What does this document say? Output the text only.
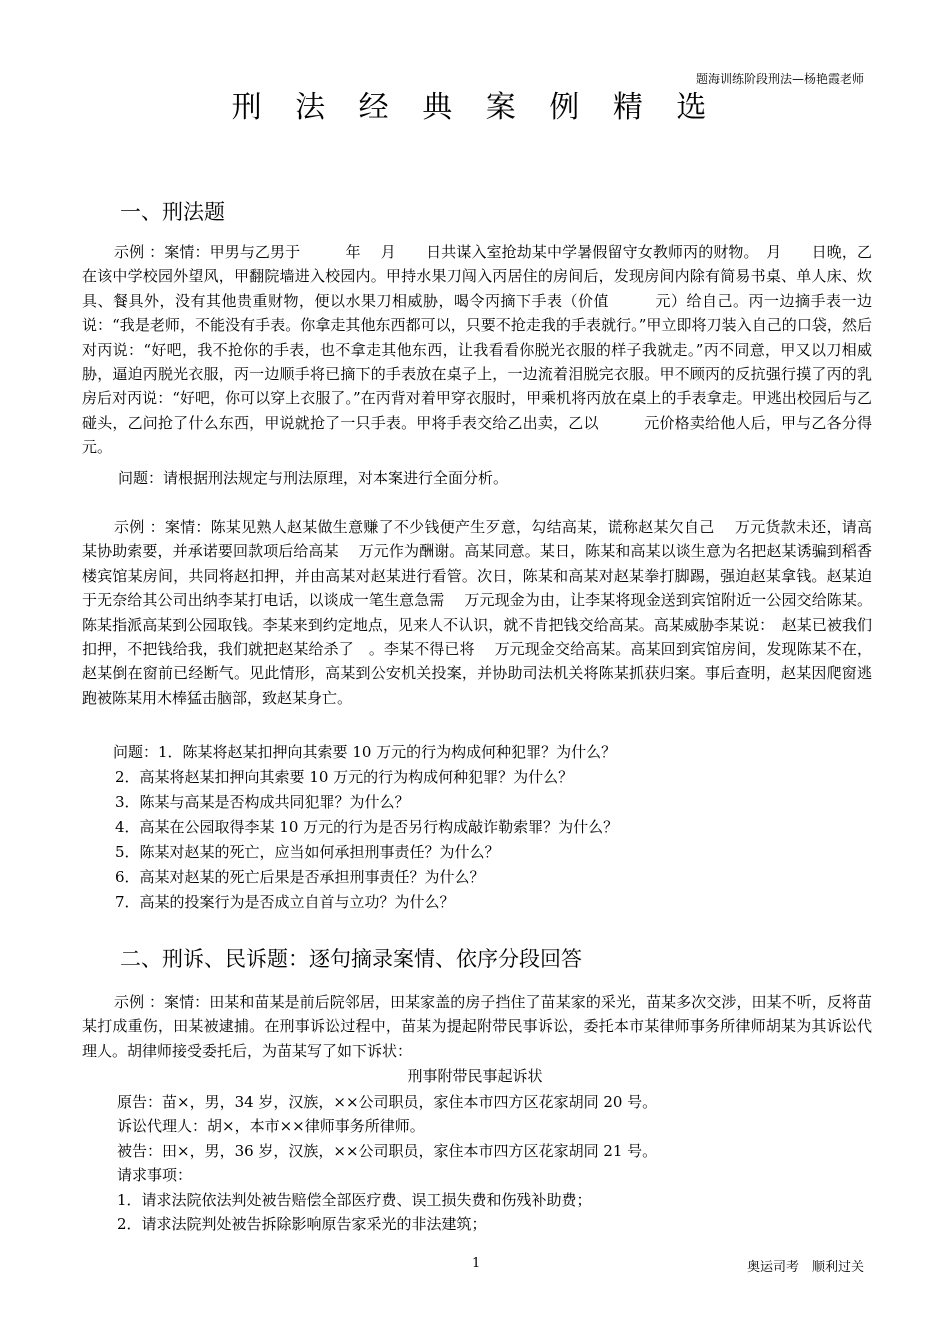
题海训练阶段刑法—杨艳霞老师
刑 法 经 典 案 例 精 选
一、刑法题
示例 ：案情：甲男与乙男于　　　年　 月　　日共谋入室抢劫某中学暑假留守女教师丙的财物。　月　　日晚，乙在该中学校园外望风，甲翻院墙进入校园内。甲持水果刀闯入丙居住的房间后，发现房间内除有简易书桌、单人床、炊具、餐具外，没有其他贵重财物，便以水果刀相威胁，喝令丙摘下手表（价值　　　元）给自己。丙一边摘手表一边说：“我是老师，不能没有手表。你拿走其他东西都可以，只要不抢走我的手表就行。”甲立即将刀装入自己的口袋，然后对丙说：“好吧，我不抢你的手表，也不拿走其他东西，让我看看你脱光衣服的样子我就走。”丙不同意，甲又以刀相威胁，逼迫丙脱光衣服，丙一边顺手将已摘下的手表放在桌子上，一边流着泪脱完衣服。甲不顾丙的反抗强行摸了丙的乳房后对丙说：“好吧，你可以穿上衣服了。”在丙背对着甲穿衣服时，甲乘机将丙放在桌上的手表拿走。甲逃出校园后与乙碰头，乙问抢了什么东西，甲说就抢了一只手表。甲将手表交给乙出卖，乙以　　　元价格卖给他人后，甲与乙各分得　　 元。
问题：请根据刑法规定与刑法原理，对本案进行全面分析。
示例 ：案情：陈某见熟人赵某做生意赚了不少钱便产生歹意，勾结高某，谎称赵某欠自己　 万元货款未还，请高某协助索要，并承诺要回款项后给高某　 万元作为酬谢。高某同意。某日，陈某和高某以谈生意为名把赵某诱骗到稻香楼宾馆某房间，共同将赵扣押，并由高某对赵某进行看管。次日，陈某和高某对赵某拳打脚踢，强迫赵某拿钱。赵某迫于无奈给其公司出纳李某打电话，以谈成一笔生意急需　 万元现金为由，让李某将现金送到宾馆附近一公园交给陈某。陈某指派高某到公园取钱。李某来到约定地点，见来人不认识，就不肯把钱交给高某。高某威胁李某说：　赵某已被我们扣押，不把钱给我，我们就把赵某给杀了　。李某不得已将　 万元现金交给高某。高某回到宾馆房间，发现陈某不在，赵某倒在窗前已经断气。见此情形，高某到公安机关投案，并协助司法机关将陈某抓获归案。事后查明，赵某因爬窗逃跑被陈某用木棒猛击脑部，致赵某身亡。
问题：1．陈某将赵某扣押向其索要 10 万元的行为构成何种犯罪？为什么？
2．高某将赵某扣押向其索要 10 万元的行为构成何种犯罪？为什么？
3．陈某与高某是否构成共同犯罪？为什么？
4．高某在公园取得李某 10 万元的行为是否另行构成敲诈勒索罪？为什么？
5．陈某对赵某的死亡，应当如何承担刑事责任？为什么？
6．高某对赵某的死亡后果是否承担刑事责任？为什么？
7．高某的投案行为是否成立自首与立功？为什么？
二、刑诉、民诉题：逐句摘录案情、依序分段回答
示例 ：案情：田某和苗某是前后院邻居，田某家盖的房子挡住了苗某家的采光，苗某多次交涉，田某不听，反将苗某打成重伤，田某被逮捕。在刑事诉讼过程中，苗某为提起附带民事诉讼，委托本市某律师事务所律师胡某为其诉讼代理人。胡律师接受委托后，为苗某写了如下诉状：
刑事附带民事起诉状
原告：苗×，男，34 岁，汉族，××公司职员，家住本市四方区花家胡同 20 号。
诉讼代理人：胡×，本市××律师事务所律师。
被告：田×，男，36 岁，汉族，××公司职员，家住本市四方区花家胡同 21 号。
请求事项：
1．请求法院依法判处被告赔偿全部医疗费、误工损失费和伤残补助费；
2．请求法院判处被告拆除影响原告家采光的非法建筑；
1	奥运司考　顺利过关
